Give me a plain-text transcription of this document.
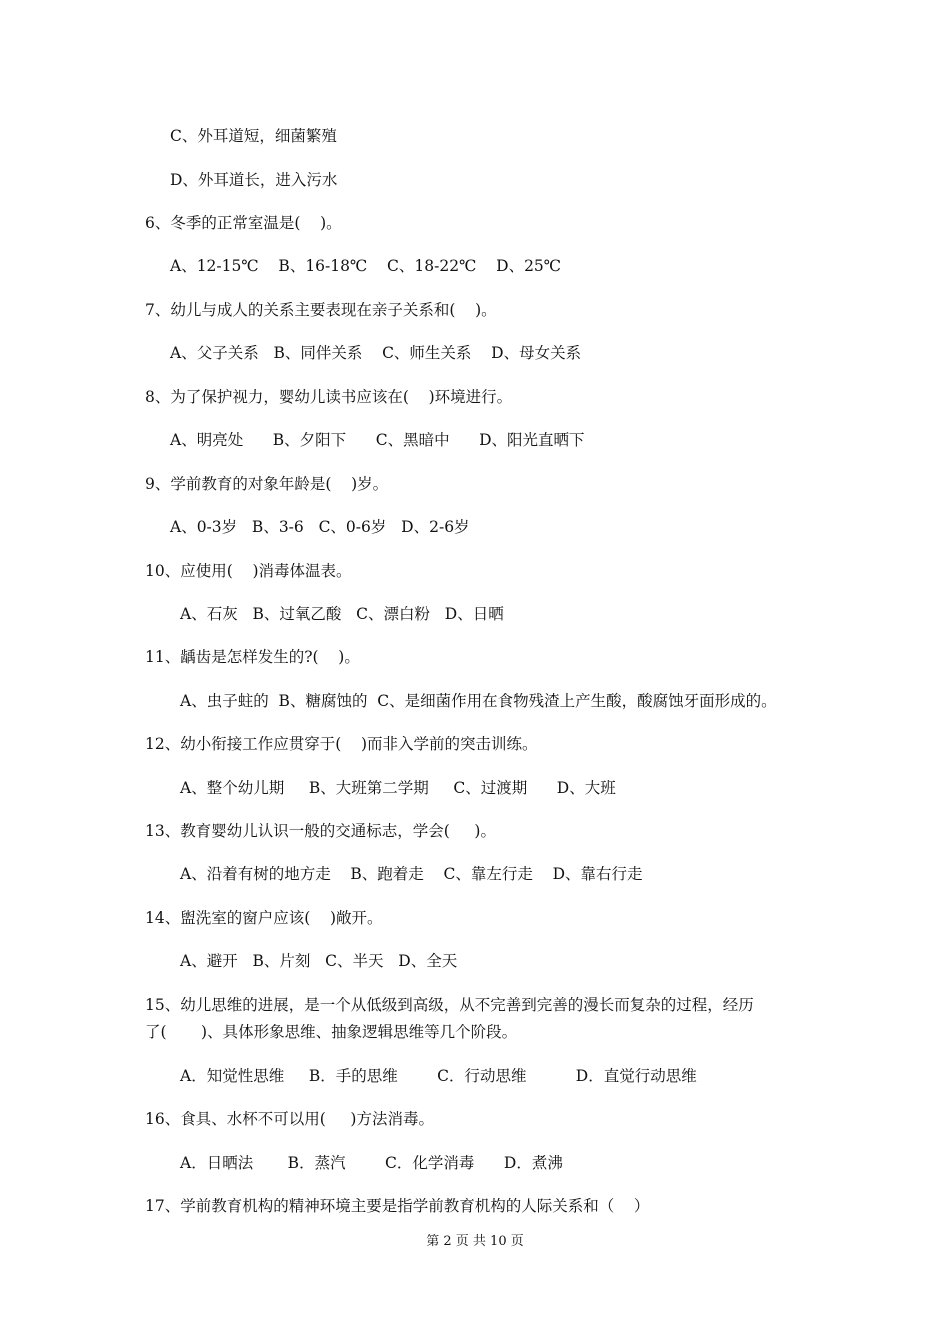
C、外耳道短，细菌繁殖
D、外耳道长，进入污水
6、冬季的正常室温是(    )。
A、12-15℃    B、16-18℃    C、18-22℃    D、25℃
7、幼儿与成人的关系主要表现在亲子关系和(    )。
A、父子关系   B、同伴关系    C、师生关系    D、母女关系
8、为了保护视力，婴幼儿读书应该在(    )环境进行。
A、明亮处      B、夕阳下      C、黑暗中      D、阳光直晒下
9、学前教育的对象年龄是(    )岁。
A、0-3岁   B、3-6   C、0-6岁   D、2-6岁
10、应使用(    )消毒体温表。
A、石灰   B、过氧乙酸   C、漂白粉   D、日晒
11、龋齿是怎样发生的?(    )。
A、虫子蛀的  B、糖腐蚀的  C、是细菌作用在食物残渣上产生酸，酸腐蚀牙面形成的。
12、幼小衔接工作应贯穿于(    )而非入学前的突击训练。
A、整个幼儿期     B、大班第二学期     C、过渡期      D、大班
13、教育婴幼儿认识一般的交通标志，学会(     )。
A、沿着有树的地方走    B、跑着走    C、靠左行走    D、靠右行走
14、盥洗室的窗户应该(    )敞开。
A、避开   B、片刻   C、半天   D、全天
15、幼儿思维的进展，是一个从低级到高级，从不完善到完善的漫长而复杂的过程，经历
了(       )、具体形象思维、抽象逻辑思维等几个阶段。
A．知觉性思维     B．手的思维        C．行动思维          D．直觉行动思维
16、食具、水杯不可以用(     )方法消毒。
A．日晒法       B．蒸汽        C．化学消毒      D．煮沸
17、学前教育机构的精神环境主要是指学前教育机构的人际关系和（    ）
第 2 页 共 10 页
